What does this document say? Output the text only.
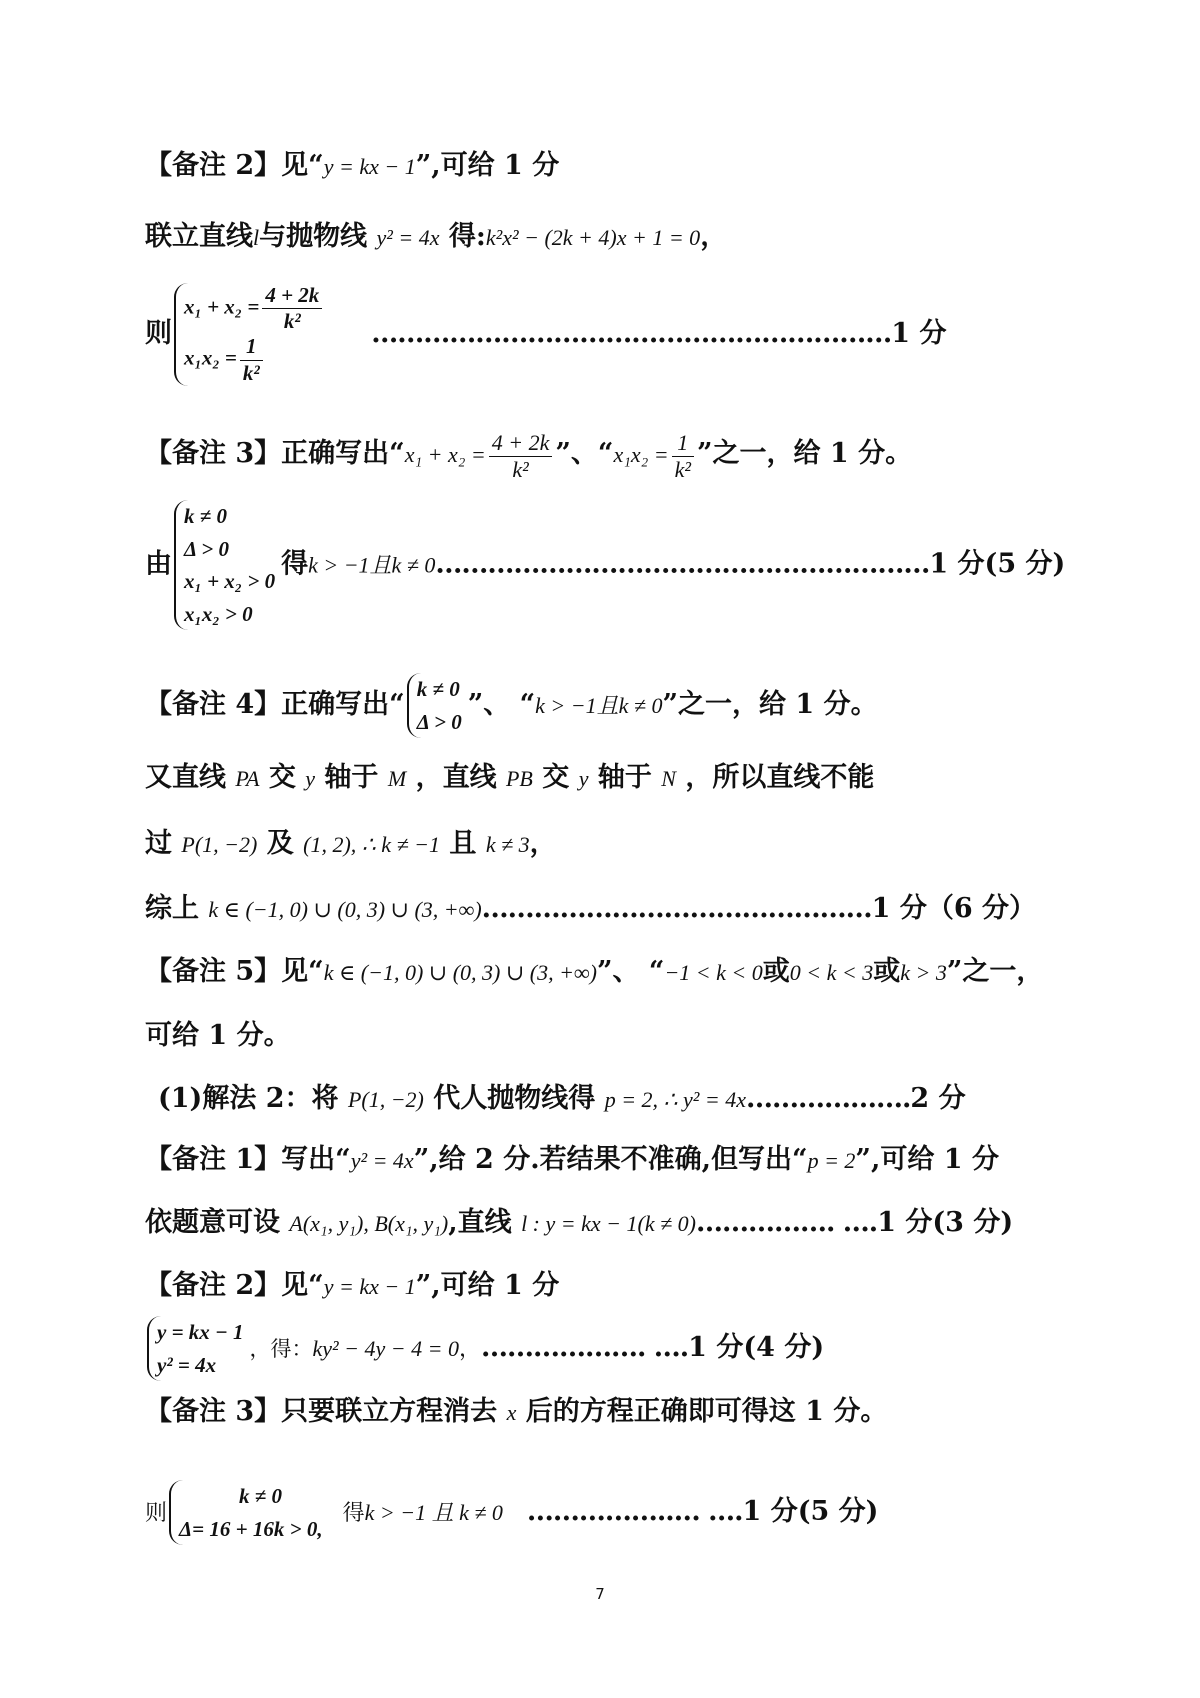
【备注 2】见“y = kx − 1”,可给 1 分
联立直线l与抛物线 y² = 4x 得:k²x² − (2k + 4)x + 1 = 0，
则
$x_1 + x_2 = \frac{4 + 2k}{\text{k²}}$
$x_1x_2 = \frac{1}{\text{k²}}$
……………………………………………………1 分
【备注 3】正确写出“$x_1 + x_2 = \frac{4 + 2k}{\text{k²}}$ ”、“$x_1x_2 = \frac{1}{\text{k²}}$ ”之一，给 1 分。
由
k ≠ 0
Δ > 0
x₁ + x₂ > 0
x₁x₂ > 0
得k > −1且k ≠ 0…………………………………………………1 分(5 分)
【备注 4】正确写出“
k ≠ 0
Δ > 0
”、 “k > −1且k ≠ 0”之一，给 1 分。
又直线 PA 交 y 轴于 M ，直线 PB 交 y 轴于 N ，所以直线不能
过 P(1, −2) 及 (1, 2), ∴ k ≠ −1 且 k ≠ 3，
综上 k ∈ (−1, 0) ∪ (0, 3) ∪ (3, +∞)………………………………………1 分（6 分）
【备注 5】见“k ∈ (−1, 0) ∪ (0, 3) ∪ (3, +∞)”、 “−1 < k < 0或0 < k < 3或k > 3”之一，
可给 1 分。
(1)解法 2：将 P(1, −2) 代人抛物线得 p = 2, ∴ y² = 4x……………….2 分
【备注 1】写出“y² = 4x”,给 2 分.若结果不准确,但写出“p = 2”,可给 1 分
依题意可设 A(x₁, y₁), B(x₁, y₁),直线 l : y = kx − 1(k ≠ 0)……………. ….1 分(3 分)
【备注 2】见“y = kx − 1”,可给 1 分
y = kx − 1
y² = 4x
，得：ky² − 4y − 4 = 0，………………. ….1 分(4 分)
【备注 3】只要联立方程消去 x 后的方程正确即可得这 1 分。
则
k ≠ 0
Δ= 16 + 16k > 0,
得k > −1 且 k ≠ 0 ……………..… ….1 分(5 分)
7
